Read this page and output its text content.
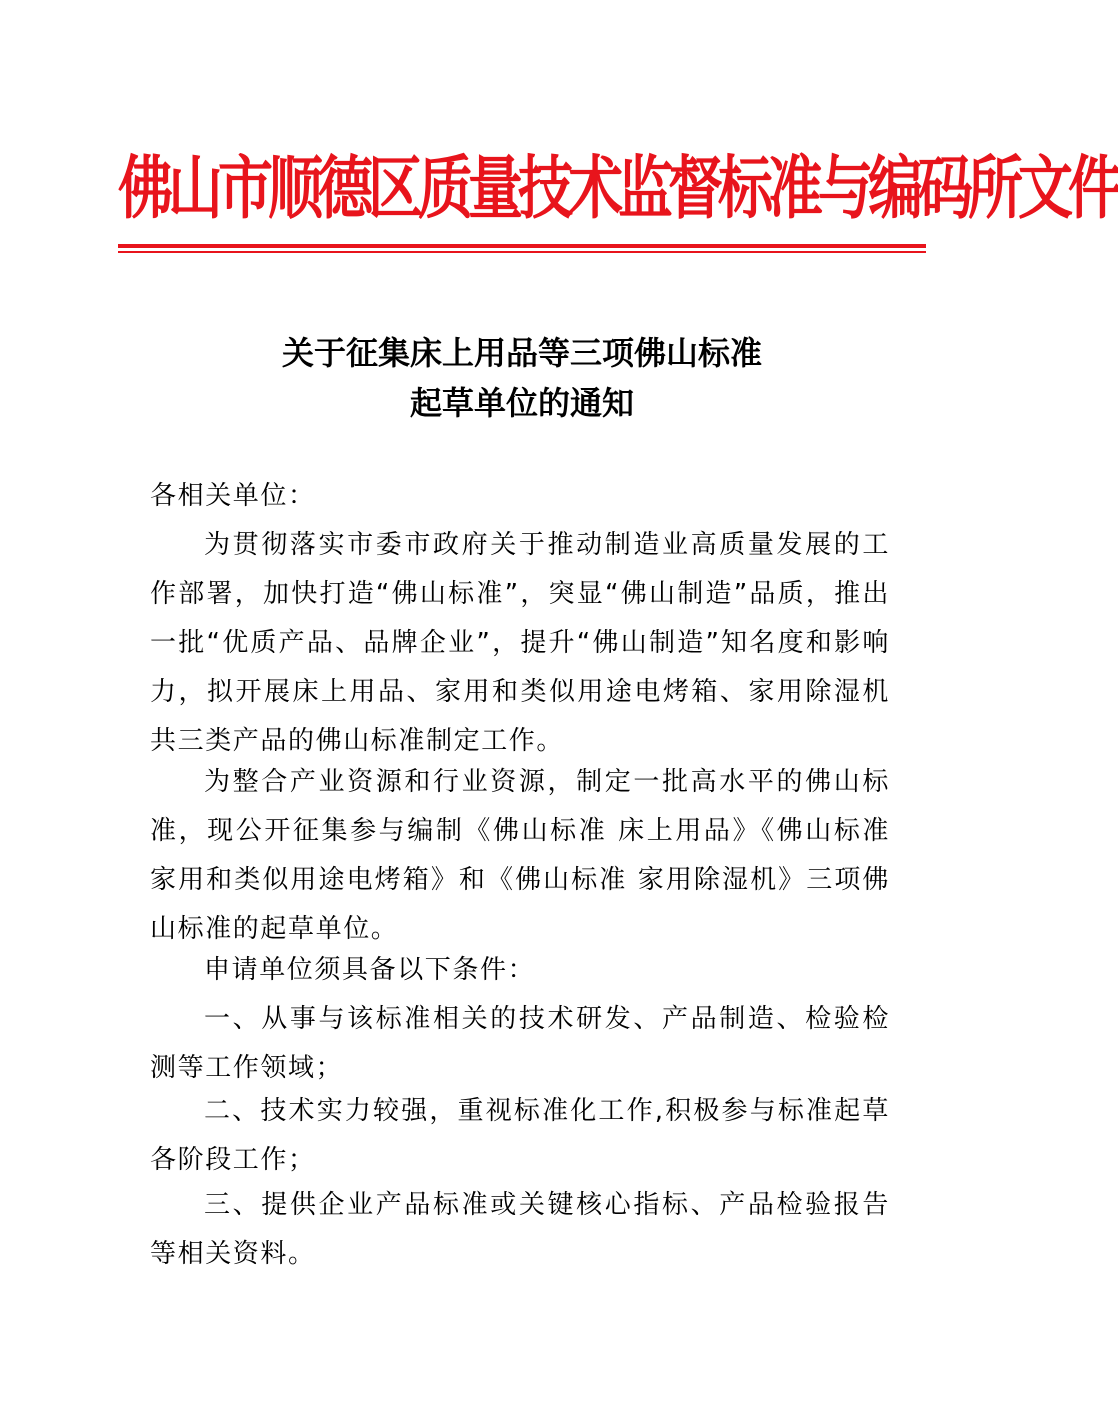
佛山市顺德区质量技术监督标准与编码所文件
关于征集床上用品等三项佛山标准
起草单位的通知
各相关单位：

为贯彻落实市委市政府关于推动制造业高质量发展的工作部署，加快打造“佛山标准”，突显“佛山制造”品质，推出一批“优质产品、品牌企业”，提升“佛山制造”知名度和影响力，拟开展床上用品、家用和类似用途电烤箱、家用除湿机共三类产品的佛山标准制定工作。

为整合产业资源和行业资源，制定一批高水平的佛山标准，现公开征集参与编制《佛山标准 床上用品》《佛山标准 家用和类似用途电烤箱》和《佛山标准 家用除湿机》三项佛山标准的起草单位。

申请单位须具备以下条件：

一、从事与该标准相关的技术研发、产品制造、检验检测等工作领域；

二、技术实力较强，重视标准化工作,积极参与标准起草各阶段工作；

三、提供企业产品标准或关键核心指标、产品检验报告等相关资料。
